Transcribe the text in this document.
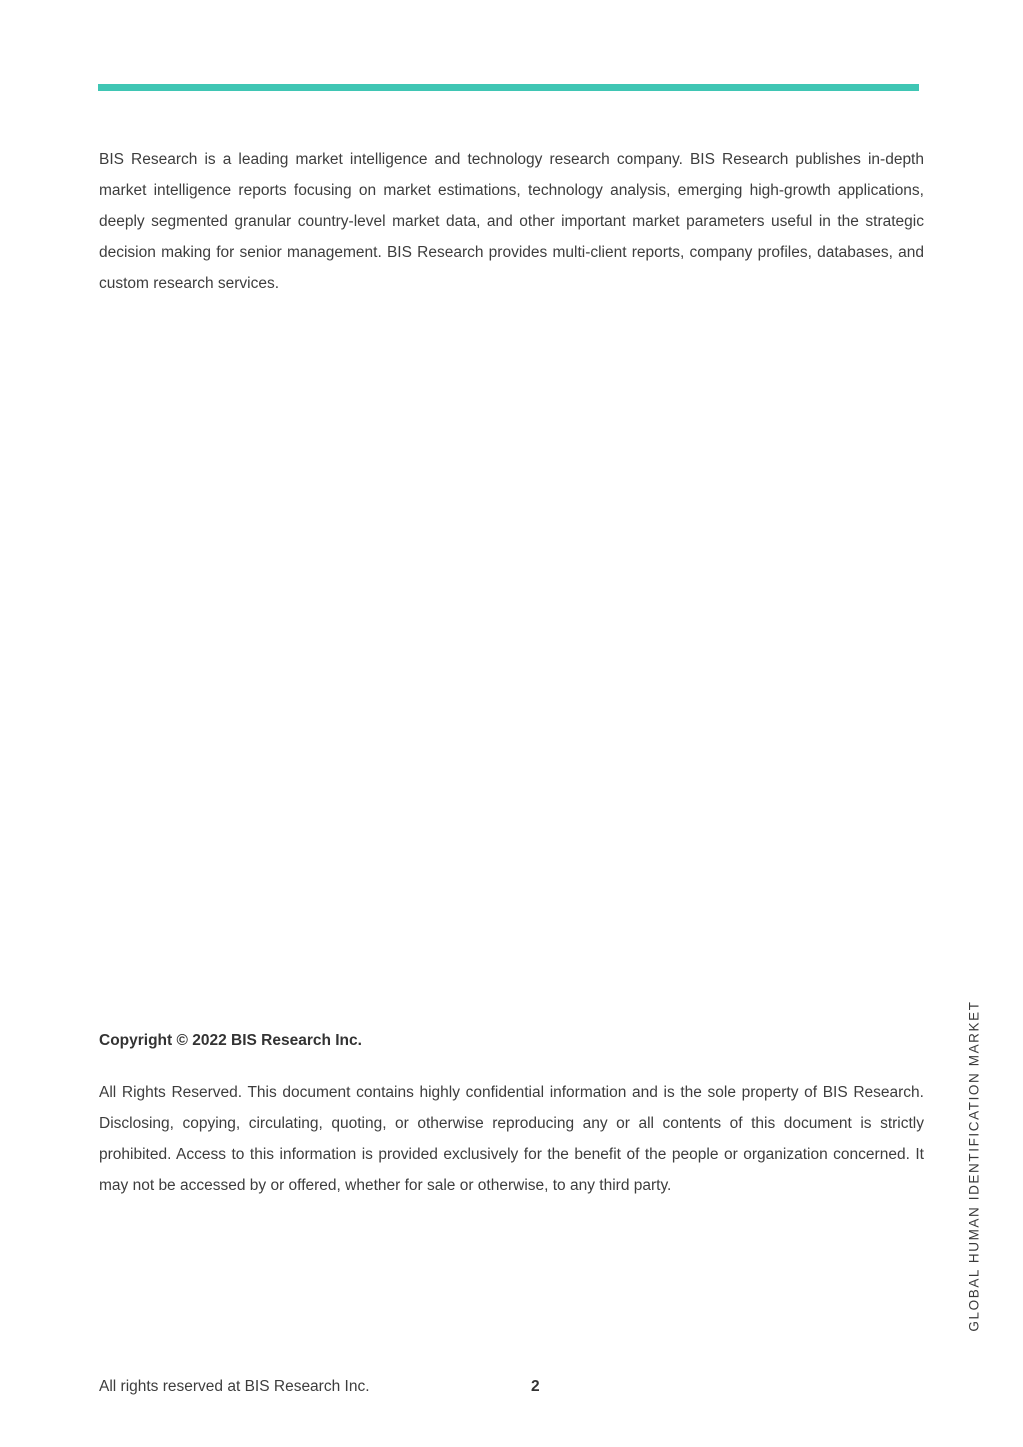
BIS Research is a leading market intelligence and technology research company. BIS Research publishes in-depth market intelligence reports focusing on market estimations, technology analysis, emerging high-growth applications, deeply segmented granular country-level market data, and other important market parameters useful in the strategic decision making for senior management. BIS Research provides multi-client reports, company profiles, databases, and custom research services.

Copyright © 2022 BIS Research Inc.

All Rights Reserved. This document contains highly confidential information and is the sole property of BIS Research. Disclosing, copying, circulating, quoting, or otherwise reproducing any or all contents of this document is strictly prohibited. Access to this information is provided exclusively for the benefit of the people or organization concerned. It may not be accessed by or offered, whether for sale or otherwise, to any third party.	GLOBAL HUMAN IDENTIFICATION MARKET
All rights reserved at BIS Research Inc.	2
